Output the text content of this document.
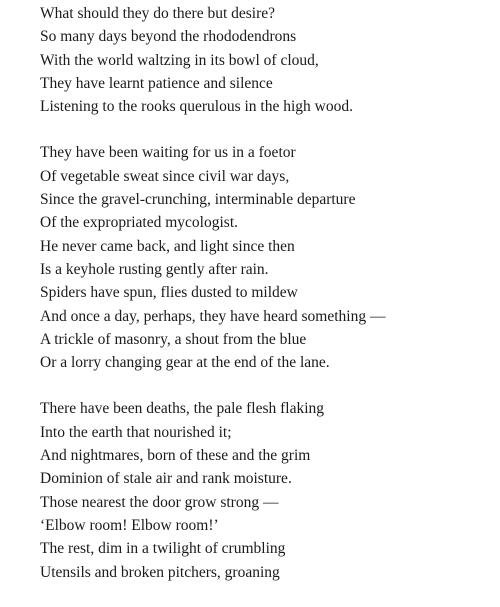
What should they do there but desire?
So many days beyond the rhododendrons
With the world waltzing in its bowl of cloud,
They have learnt patience and silence
Listening to the rooks querulous in the high wood.
They have been waiting for us in a foetor
Of vegetable sweat since civil war days,
Since the gravel-crunching, interminable departure
Of the expropriated mycologist.
He never came back, and light since then
Is a keyhole rusting gently after rain.
Spiders have spun, flies dusted to mildew
And once a day, perhaps, they have heard something —
A trickle of masonry, a shout from the blue
Or a lorry changing gear at the end of the lane.
There have been deaths, the pale flesh flaking
Into the earth that nourished it;
And nightmares, born of these and the grim
Dominion of stale air and rank moisture.
Those nearest the door grow strong —
‘Elbow room! Elbow room!’
The rest, dim in a twilight of crumbling
Utensils and broken pitchers, groaning
